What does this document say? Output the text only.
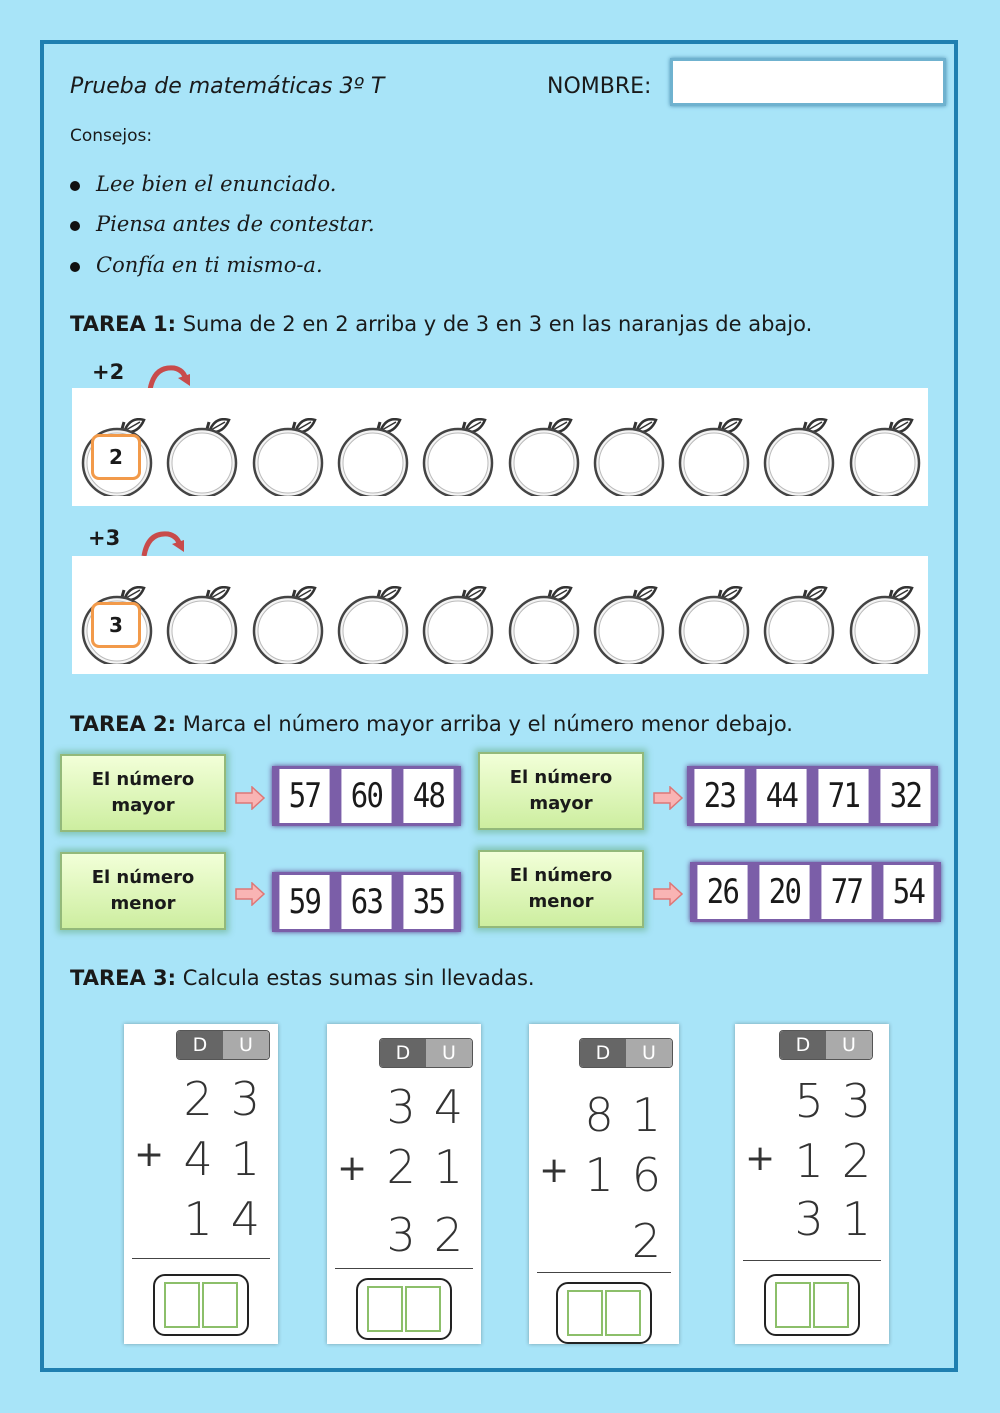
Prueba de matemáticas 3º T	NOMBRE:
Consejos:
Lee bien el enunciado.
Piensa antes de contestar.
Confía en ti mismo-a.
TAREA 1: Suma de 2 en 2 arriba y de 3 en 3 en las naranjas de abajo.
+2
2
+3
3
TAREA 2: Marca el número mayor arriba y el número menor debajo.
El número mayor	57 60 48	El número mayor	23 44 71 32
El número menor	59 63 35
El número menor	26 20 77 54
TAREA 3: Calcula estas sumas sin llevadas.
D	U
23
+ 41
14
D	U
34
+ 21
32
D	U
81
+ 16
2
D	U
53
+ 12
31
